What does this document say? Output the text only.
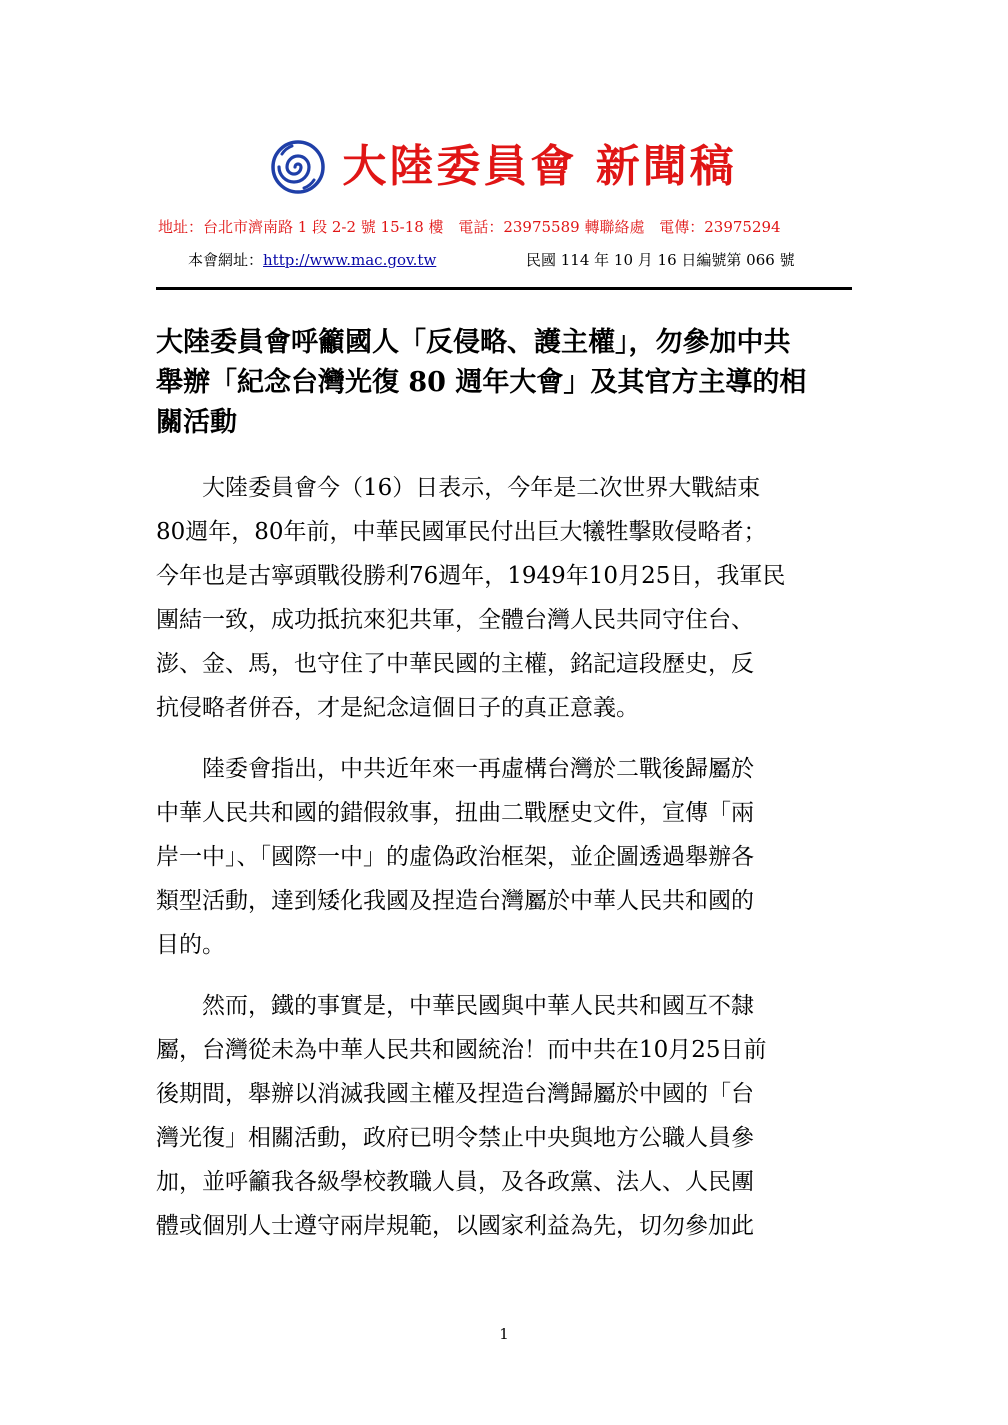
大陸委員會 新聞稿
地址：台北市濟南路 1 段 2-2 號 15-18 樓 電話：23975589 轉聯絡處 電傳：23975294
本會網址：http://www.mac.gov.tw	民國 114 年 10 月 16 日編號第 066 號
大陸委員會呼籲國人「反侵略、護主權」，勿參加中共
舉辦「紀念台灣光復 80 週年大會」及其官方主導的相
關活動
　　大陸委員會今（16）日表示，今年是二次世界大戰結束
80週年，80年前，中華民國軍民付出巨大犧牲擊敗侵略者；
今年也是古寧頭戰役勝利76週年，1949年10月25日，我軍民
團結一致，成功抵抗來犯共軍，全體台灣人民共同守住台、
澎、金、馬，也守住了中華民國的主權，銘記這段歷史，反
抗侵略者併吞，才是紀念這個日子的真正意義。
　　陸委會指出，中共近年來一再虛構台灣於二戰後歸屬於
中華人民共和國的錯假敘事，扭曲二戰歷史文件，宣傳「兩
岸一中」、「國際一中」的虛偽政治框架，並企圖透過舉辦各
類型活動，達到矮化我國及捏造台灣屬於中華人民共和國的
目的。
　　然而，鐵的事實是，中華民國與中華人民共和國互不隸
屬，台灣從未為中華人民共和國統治！而中共在10月25日前
後期間，舉辦以消滅我國主權及捏造台灣歸屬於中國的「台
灣光復」相關活動，政府已明令禁止中央與地方公職人員參
加，並呼籲我各級學校教職人員，及各政黨、法人、人民團
體或個別人士遵守兩岸規範，以國家利益為先，切勿參加此
1
